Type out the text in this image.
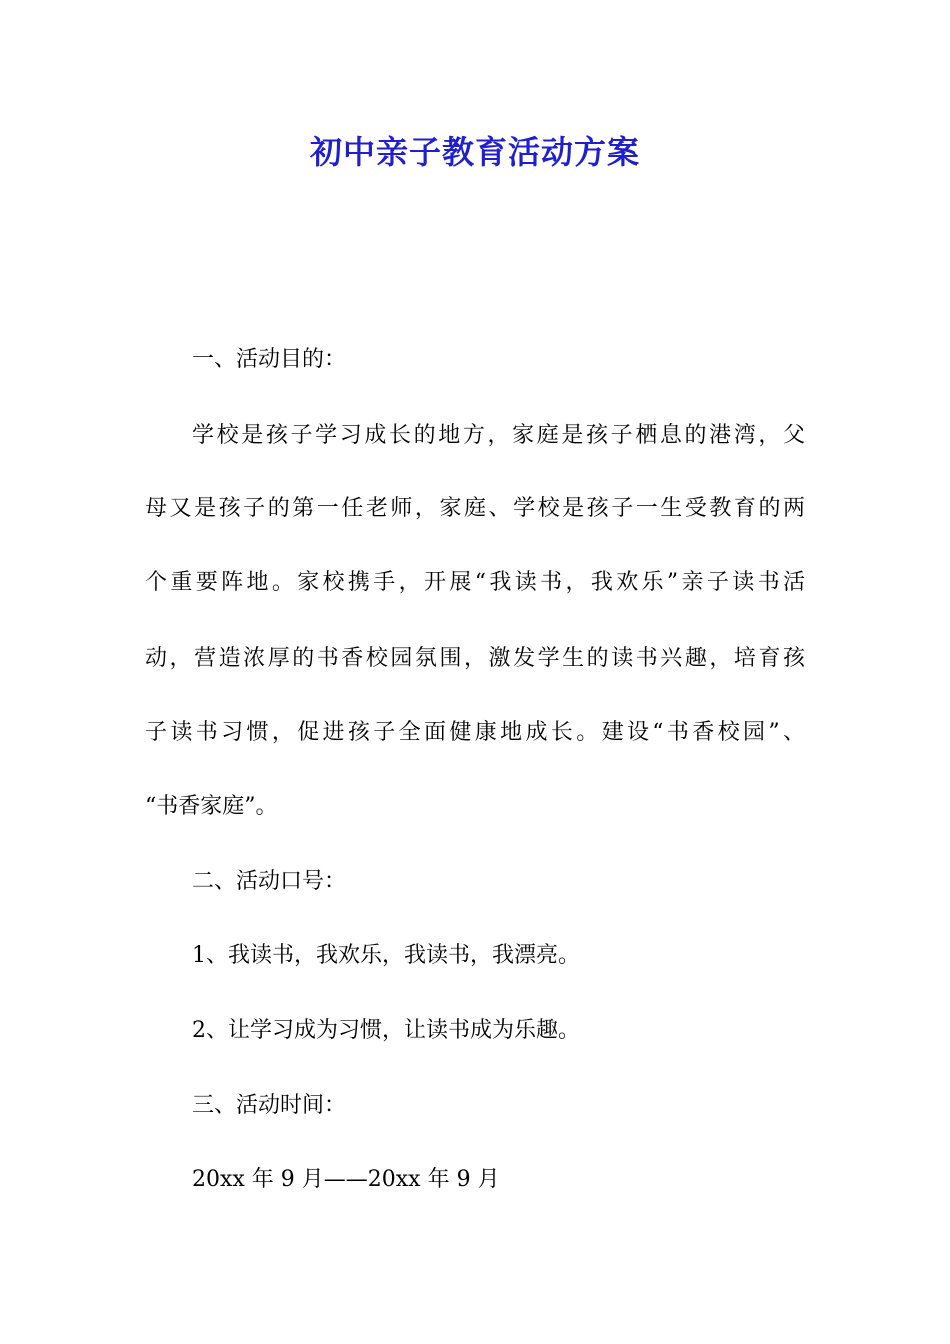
初中亲子教育活动方案
一、活动目的：
学校是孩子学习成长的地方，家庭是孩子栖息的港湾，父
母又是孩子的第一任老师，家庭、学校是孩子一生受教育的两
个重要阵地。家校携手，开展“我读书，我欢乐”亲子读书活
动，营造浓厚的书香校园氛围，激发学生的读书兴趣，培育孩
子读书习惯，促进孩子全面健康地成长。建设“书香校园”、
“书香家庭”。
二、活动口号：
1、我读书，我欢乐，我读书，我漂亮。
2、让学习成为习惯，让读书成为乐趣。
三、活动时间：
20xx 年 9 月——20xx 年 9 月
